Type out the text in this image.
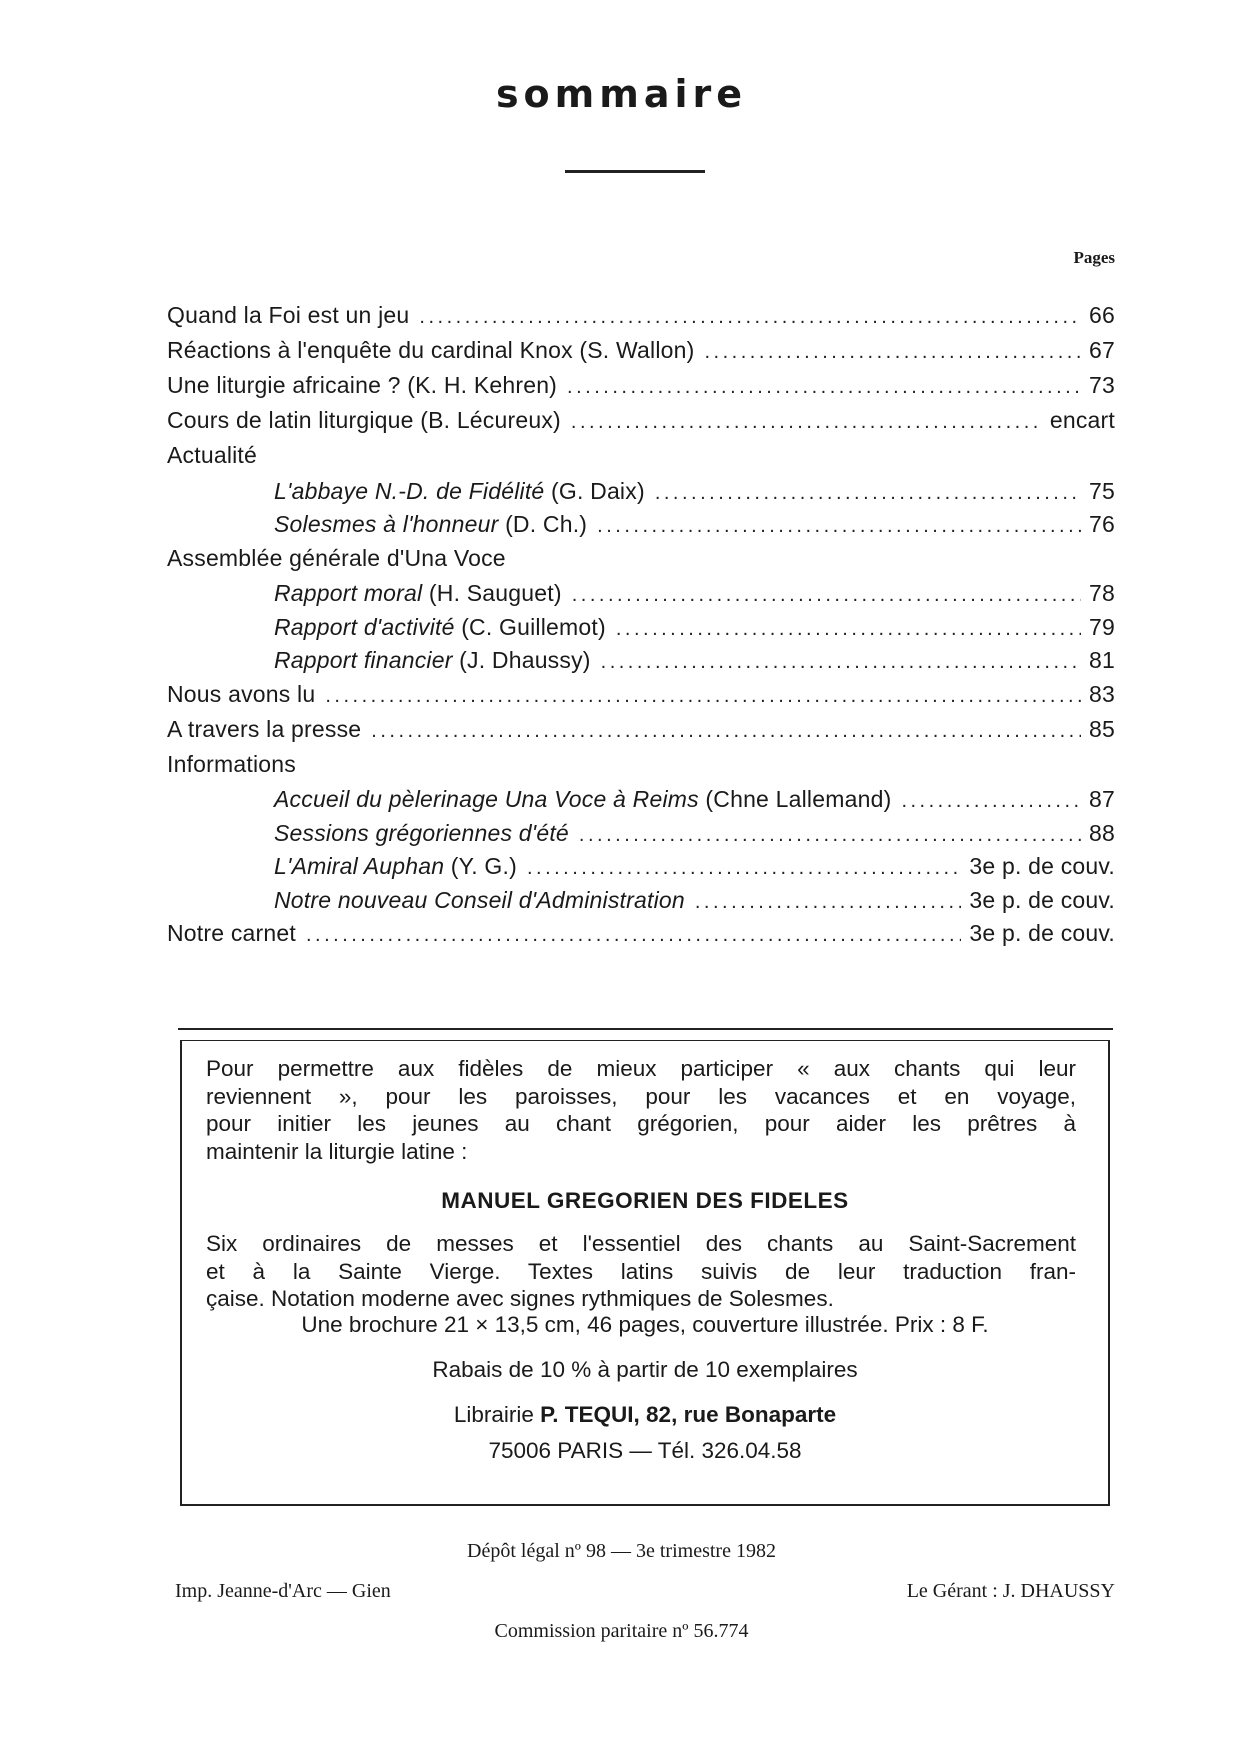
sommaire
Pages
Quand la Foi est un jeu .....	66
Réactions à l'enquête du cardinal Knox (S. Wallon) .....	67
Une liturgie africaine ? (K. H. Kehren) .....	73
Cours de latin liturgique (B. Lécureux) .....	encart
Actualité
L'abbaye N.-D. de Fidélité (G. Daix) .....	75
Solesmes à l'honneur (D. Ch.) .....	76
Assemblée générale d'Una Voce
Rapport moral (H. Sauguet) .....	78
Rapport d'activité (C. Guillemot) .....	79
Rapport financier (J. Dhaussy) .....	81
Nous avons lu .....	83
A travers la presse .....	85
Informations
Accueil du pèlerinage Una Voce à Reims (Chne Lallemand) .....	87
Sessions grégoriennes d'été .....	88
L'Amiral Auphan (Y. G.) .....	3e p. de couv.
Notre nouveau Conseil d'Administration .....	3e p. de couv.
Notre carnet .....	3e p. de couv.
Pour permettre aux fidèles de mieux participer « aux chants qui leur
reviennent », pour les paroisses, pour les vacances et en voyage,
pour initier les jeunes au chant grégorien, pour aider les prêtres à
maintenir la liturgie latine :
MANUEL GREGORIEN DES FIDELES
Six ordinaires de messes et l'essentiel des chants au Saint-Sacrement
et à la Sainte Vierge. Textes latins suivis de leur traduction fran-
çaise. Notation moderne avec signes rythmiques de Solesmes.
Une brochure 21 × 13,5 cm, 46 pages, couverture illustrée. Prix : 8 F.
Rabais de 10 % à partir de 10 exemplaires
Librairie P. TEQUI, 82, rue Bonaparte
75006 PARIS — Tél. 326.04.58
Dépôt légal nº 98 — 3e trimestre 1982
Imp. Jeanne-d'Arc — Gien	Le Gérant : J. DHAUSSY
Commission paritaire nº 56.774
